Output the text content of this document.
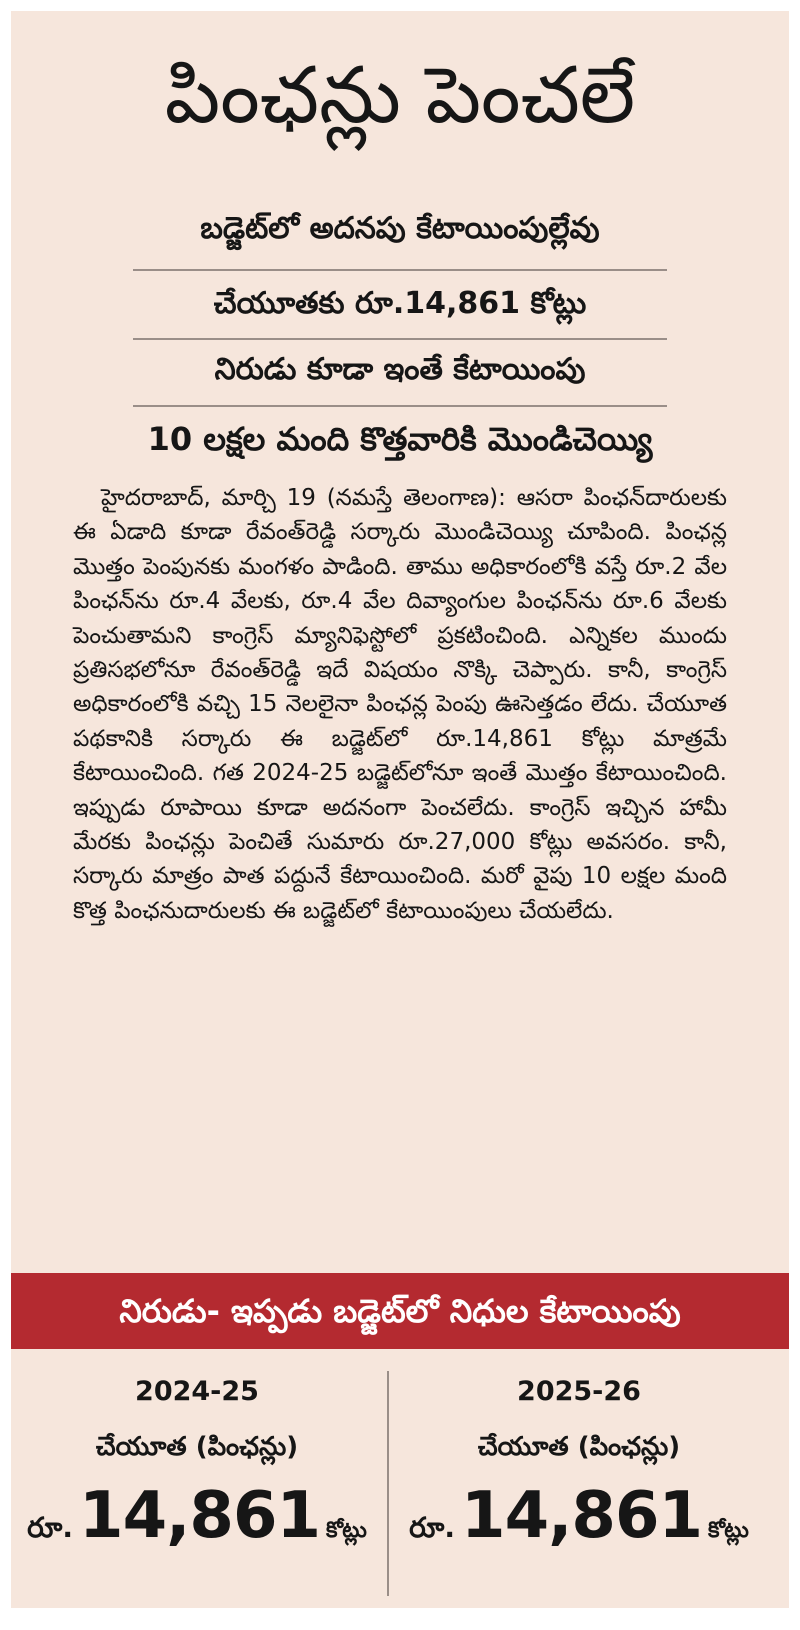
పింఛన్లు పెంచలే
బడ్జెట్‌లో అదనపు కేటాయింపుల్లేవు
చేయూతకు రూ.14,861 కోట్లు
నిరుడు కూడా ఇంతే కేటాయింపు
10 లక్షల మంది కొత్తవారికి మొండిచెయ్యి
హైదరాబాద్, మార్చి 19 (నమస్తే తెలంగాణ): ఆసరా పింఛన్‌దారులకు ఈ ఏడాది కూడా రేవంత్‌రెడ్డి సర్కారు మొండిచెయ్యి చూపింది. పింఛన్ల మొత్తం పెంపునకు మంగళం పాడింది. తాము అధికారంలోకి వస్తే రూ.2 వేల పింఛన్‌ను రూ.4 వేలకు, రూ.4 వేల దివ్యాంగుల పింఛన్‌ను రూ.6 వేలకు పెంచుతామని కాంగ్రెస్ మ్యానిఫెస్టోలో ప్రకటించింది. ఎన్నికల ముందు ప్రతిసభలోనూ రేవంత్‌రెడ్డి ఇదే విషయం నొక్కి చెప్పారు. కానీ, కాంగ్రెస్ అధికారంలోకి వచ్చి 15 నెలలైనా పింఛన్ల పెంపు ఊసెత్తడం లేదు. చేయూత పథకానికి సర్కారు ఈ బడ్జెట్‌లో రూ.14,861 కోట్లు మాత్రమే కేటాయించింది. గత 2024-25 బడ్జెట్‌లోనూ ఇంతే మొత్తం కేటాయించింది. ఇప్పుడు రూపాయి కూడా అదనంగా పెంచలేదు. కాంగ్రెస్ ఇచ్చిన హామీ మేరకు పింఛన్లు పెంచితే సుమారు రూ.27,000 కోట్లు అవసరం. కానీ, సర్కారు మాత్రం పాత పద్దునే కేటాయించింది. మరో వైపు 10 లక్షల మంది కొత్త పింఛనుదారులకు ఈ బడ్జెట్‌లో కేటాయింపులు చేయలేదు.
నిరుడు- ఇప్పడు బడ్జెట్‌లో నిధుల కేటాయింపు
2024-25
చేయూత (పింఛన్లు)
రూ.14,861 కోట్లు
2025-26
చేయూత (పింఛన్లు)
రూ.14,861 కోట్లు
